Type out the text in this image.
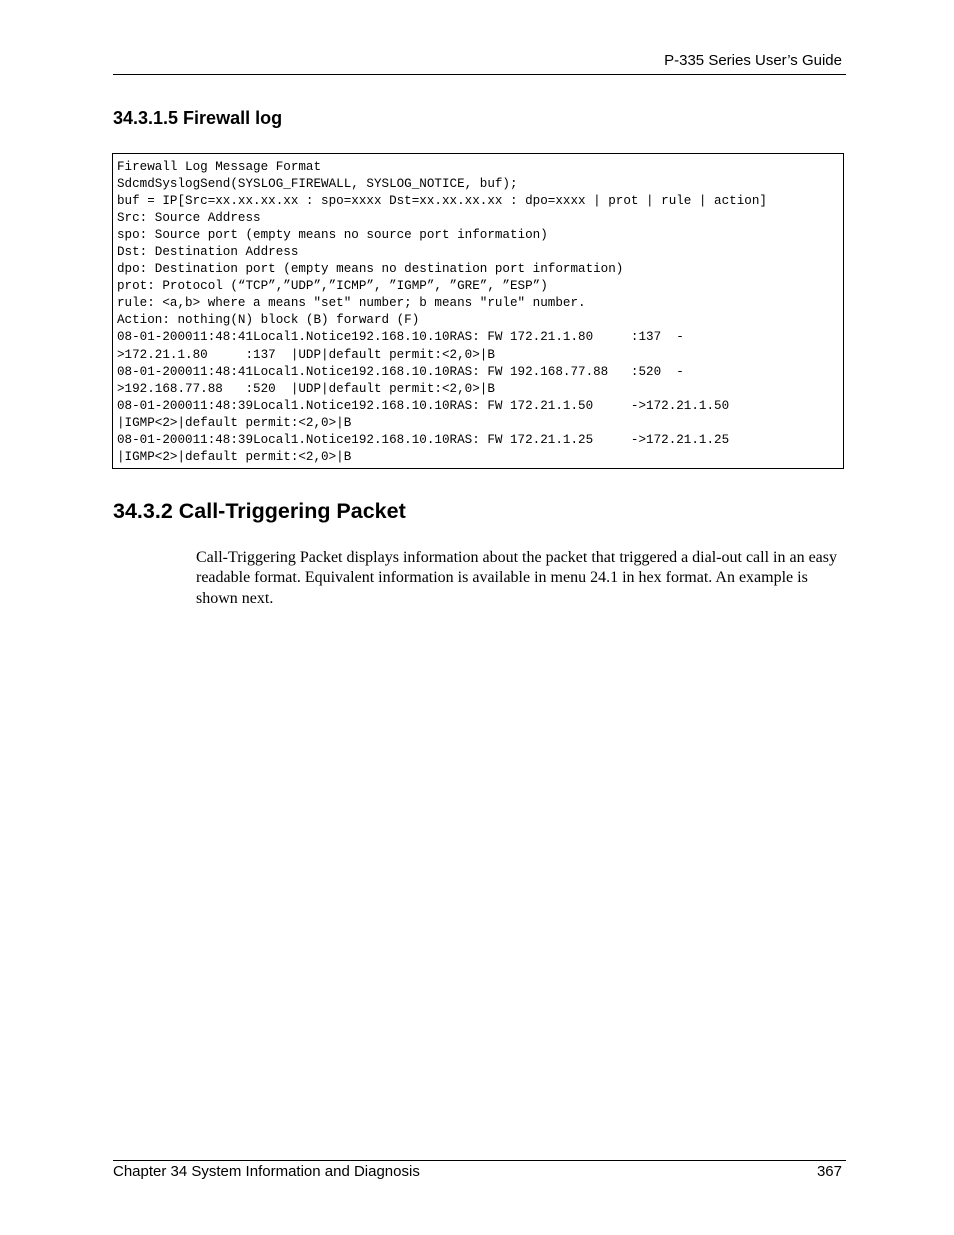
P-335 Series User’s Guide
34.3.1.5 Firewall log
Firewall Log Message Format
SdcmdSyslogSend(SYSLOG_FIREWALL, SYSLOG_NOTICE, buf);
buf = IP[Src=xx.xx.xx.xx : spo=xxxx Dst=xx.xx.xx.xx : dpo=xxxx | prot | rule | action]
Src: Source Address
spo: Source port (empty means no source port information)
Dst: Destination Address
dpo: Destination port (empty means no destination port information)
prot: Protocol (“TCP”,”UDP”,”ICMP”, ”IGMP”, ”GRE”, ”ESP”)
rule: <a,b> where a means "set" number; b means "rule" number.
Action: nothing(N) block (B) forward (F)
08-01-200011:48:41Local1.Notice192.168.10.10RAS: FW 172.21.1.80     :137  -
>172.21.1.80     :137  |UDP|default permit:<2,0>|B
08-01-200011:48:41Local1.Notice192.168.10.10RAS: FW 192.168.77.88   :520  -
>192.168.77.88   :520  |UDP|default permit:<2,0>|B
08-01-200011:48:39Local1.Notice192.168.10.10RAS: FW 172.21.1.50     ->172.21.1.50
|IGMP<2>|default permit:<2,0>|B
08-01-200011:48:39Local1.Notice192.168.10.10RAS: FW 172.21.1.25     ->172.21.1.25
|IGMP<2>|default permit:<2,0>|B
34.3.2 Call-Triggering Packet

Call-Triggering Packet displays information about the packet that triggered a dial-out call in an easy readable format. Equivalent information is available in menu 24.1 in hex format. An example is shown next.

Chapter 34 System Information and Diagnosis	367
